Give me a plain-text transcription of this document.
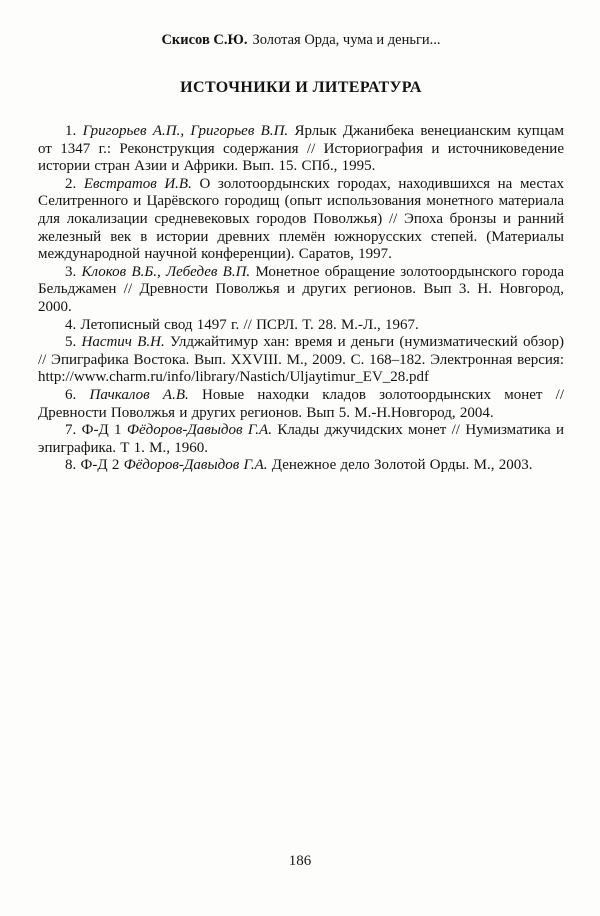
Скисов С.Ю. Золотая Орда, чума и деньги...
ИСТОЧНИКИ И ЛИТЕРАТУРА

1. Григорьев А.П., Григорьев В.П. Ярлык Джанибека венецианским купцам от 1347 г.: Реконструкция содержания // Историография и источниковедение истории стран Азии и Африки. Вып. 15. СПб., 1995.

2. Евстратов И.В. О золотоордынских городах, находившихся на местах Селитренного и Царёвского городищ (опыт использования монетного материала для локализации средневековых городов Поволжья) // Эпоха бронзы и ранний железный век в истории древних племён южнорусских степей. (Материалы международной научной конференции). Саратов, 1997.

3. Клоков В.Б., Лебедев В.П. Монетное обращение золотоордынского города Бельджамен // Древности Поволжья и других регионов. Вып 3. Н. Новгород, 2000.

4. Летописный свод 1497 г. // ПСРЛ. Т. 28. М.-Л., 1967.

5. Настич В.Н. Улджайтимур хан: время и деньги (нумизматический обзор) // Эпиграфика Востока. Вып. XXVIII. М., 2009. С. 168–182. Электронная версия: http://www.charm.ru/info/library/Nastich/Uljaytimur_EV_28.pdf

6. Пачкалов А.В. Новые находки кладов золотоордынских монет // Древности Поволжья и других регионов. Вып 5. М.-Н.Новгород, 2004.

7. Ф-Д 1 Фёдоров-Давыдов Г.А. Клады джучидских монет // Нумизматика и эпиграфика. Т 1. М., 1960.

8. Ф-Д 2 Фёдоров-Давыдов Г.А. Денежное дело Золотой Орды. М., 2003.

186
